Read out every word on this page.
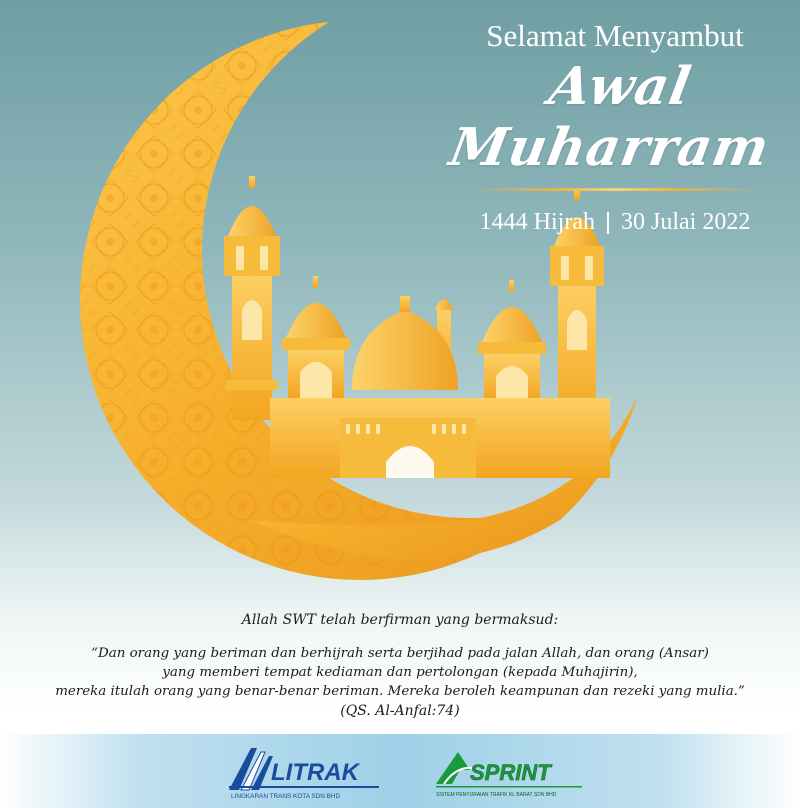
Selamat Menyambut
Awal Muharram
1444 Hijrah 30 Julai 2022
Allah SWT telah berfirman yang bermaksud:
“Dan orang yang beriman dan berhijrah serta berjihad pada jalan Allah, dan orang (Ansar)
yang memberi tempat kediaman dan pertolongan (kepada Muhajirin),
mereka itulah orang yang benar-benar beriman. Mereka beroleh keampunan dan rezeki yang mulia.”
(QS. Al-Anfal:74)
LITRAK
LINGKARAN TRANS KOTA SDN BHD
SPRINT
SISTEM PENYURAIAN TRAFIK KL BARAT SDN BHD
